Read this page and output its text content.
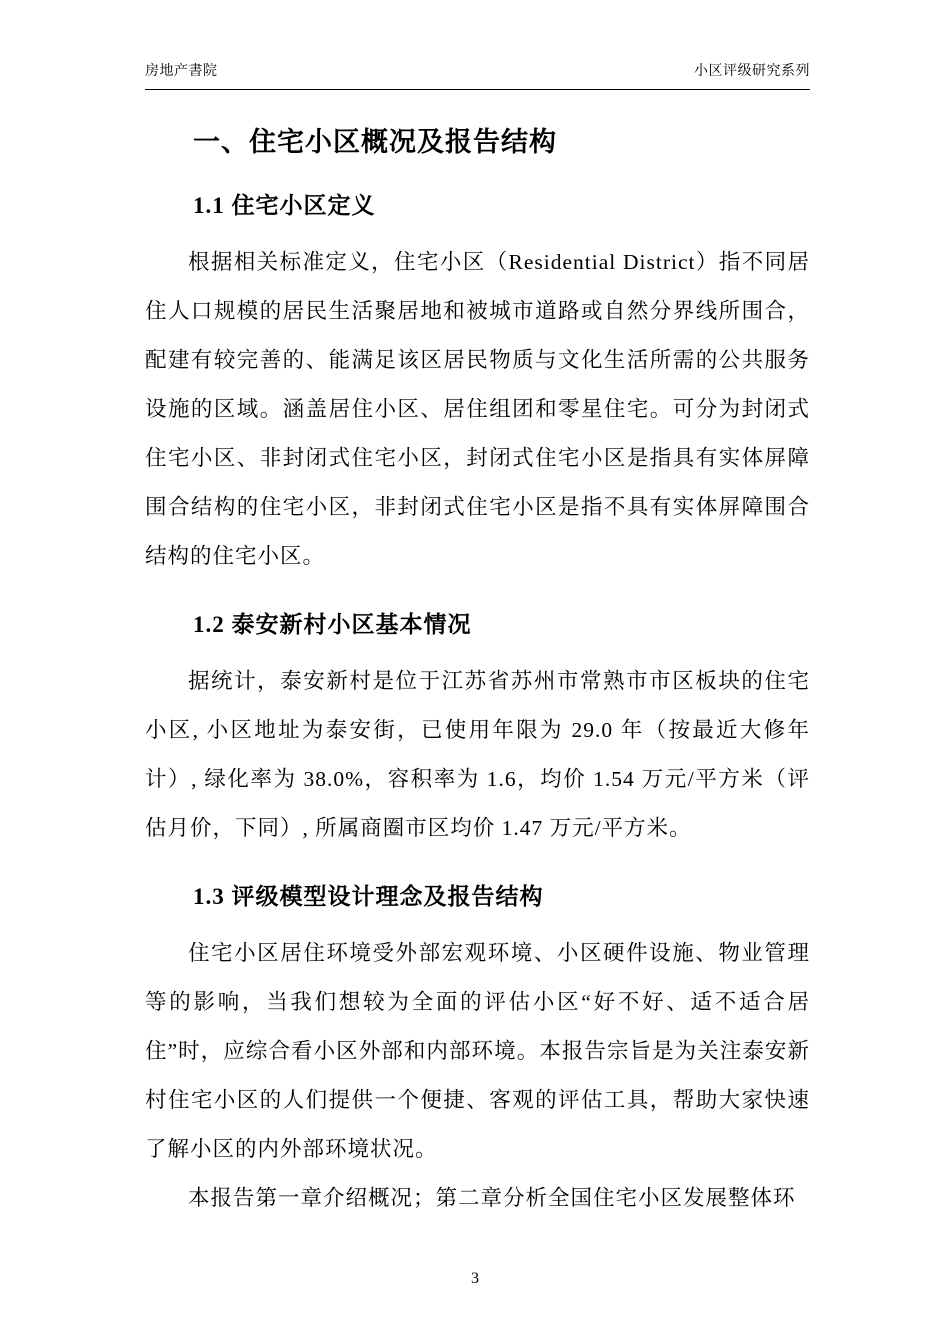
房地产書院	小区评级研究系列
一、住宅小区概况及报告结构
1.1 住宅小区定义

根据相关标准定义，住宅小区（Residential District）指不同居住人口规模的居民生活聚居地和被城市道路或自然分界线所围合，配建有较完善的、能满足该区居民物质与文化生活所需的公共服务设施的区域。涵盖居住小区、居住组团和零星住宅。可分为封闭式住宅小区、非封闭式住宅小区，封闭式住宅小区是指具有实体屏障围合结构的住宅小区，非封闭式住宅小区是指不具有实体屏障围合结构的住宅小区。

1.2 泰安新村小区基本情况

据统计，泰安新村是位于江苏省苏州市常熟市市区板块的住宅小区, 小区地址为泰安街，已使用年限为 29.0 年（按最近大修年计）, 绿化率为 38.0%，容积率为 1.6，均价 1.54 万元/平方米（评估月价，下同）, 所属商圈市区均价 1.47 万元/平方米。

1.3 评级模型设计理念及报告结构

住宅小区居住环境受外部宏观环境、小区硬件设施、物业管理等的影响，当我们想较为全面的评估小区“好不好、适不适合居住”时，应综合看小区外部和内部环境。本报告宗旨是为关注泰安新村住宅小区的人们提供一个便捷、客观的评估工具，帮助大家快速了解小区的内外部环境状况。

本报告第一章介绍概况；第二章分析全国住宅小区发展整体环

3
